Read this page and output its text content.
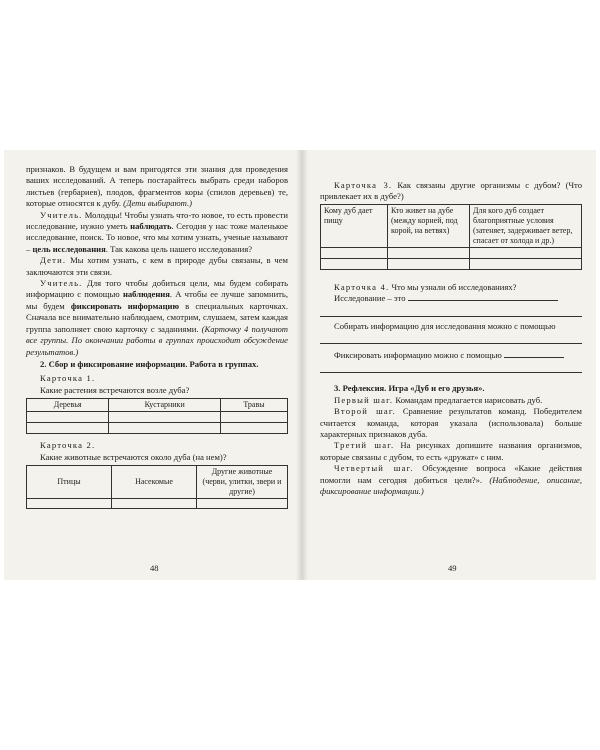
признаков. В будущем и вам пригодятся эти знания для проведения ваших исследований. А теперь постарайтесь выбрать среди наборов листьев (гербариев), плодов, фрагментов коры (спилов деревьев) те, которые относятся к дубу. (Дети выбирают.)

Учитель. Молодцы! Чтобы узнать что-то новое, то есть провести исследование, нужно уметь наблюдать. Сегодня у нас тоже маленькое исследование, поиск. То новое, что мы хотим узнать, ученые называют – цель исследования. Так какова цель нашего исследования?

Дети. Мы хотим узнать, с кем в природе дубы связаны, в чем заключаются эти связи.

Учитель. Для того чтобы добиться цели, мы будем собирать информацию с помощью наблюдения. А чтобы ее лучше запомнить, мы будем фиксировать информацию в специальных карточках. Сначала все внимательно наблюдаем, смотрим, слушаем, затем каждая группа заполняет свою карточку с заданиями. (Карточку 4 получают все группы. По окончании работы в группах происходит обсуждение результатов.)

2. Сбор и фиксирование информации. Работа в группах.

Карточка 1.

Какие растения встречаются возле дуба?

Деревья	Кустарники	Травы

Карточка 2.

Какие животные встречаются около дуба (на нем)?

Птицы	Насекомые	Другие животные (черви, улитки, звери и другие)

48

Карточка 3. Как связаны другие организмы с дубом? (Что привлекает их в дубе?)

Кому дуб дает пищу	Кто живет на дубе (между корней, под корой, на ветвях)	Для кого дуб создает благоприятные условия (затеняет, задерживает ветер, спасает от холода и др.)

Карточка 4. Что мы узнали об исследованиях?

Исследование – это

Собирать информацию для исследования можно с помощью

Фиксировать информацию можно с помощью

3. Рефлексия. Игра «Дуб и его друзья».

Первый шаг. Командам предлагается нарисовать дуб.

Второй шаг. Сравнение результатов команд. Победителем считается команда, которая указала (использовала) больше характерных признаков дуба.

Третий шаг. На рисунках допишите названия организмов, которые связаны с дубом, то есть «дружат» с ним.

Четвертый шаг. Обсуждение вопроса «Какие действия помогли нам сегодня добиться цели?». (Наблюдение, описание, фиксирование информации.)

49
